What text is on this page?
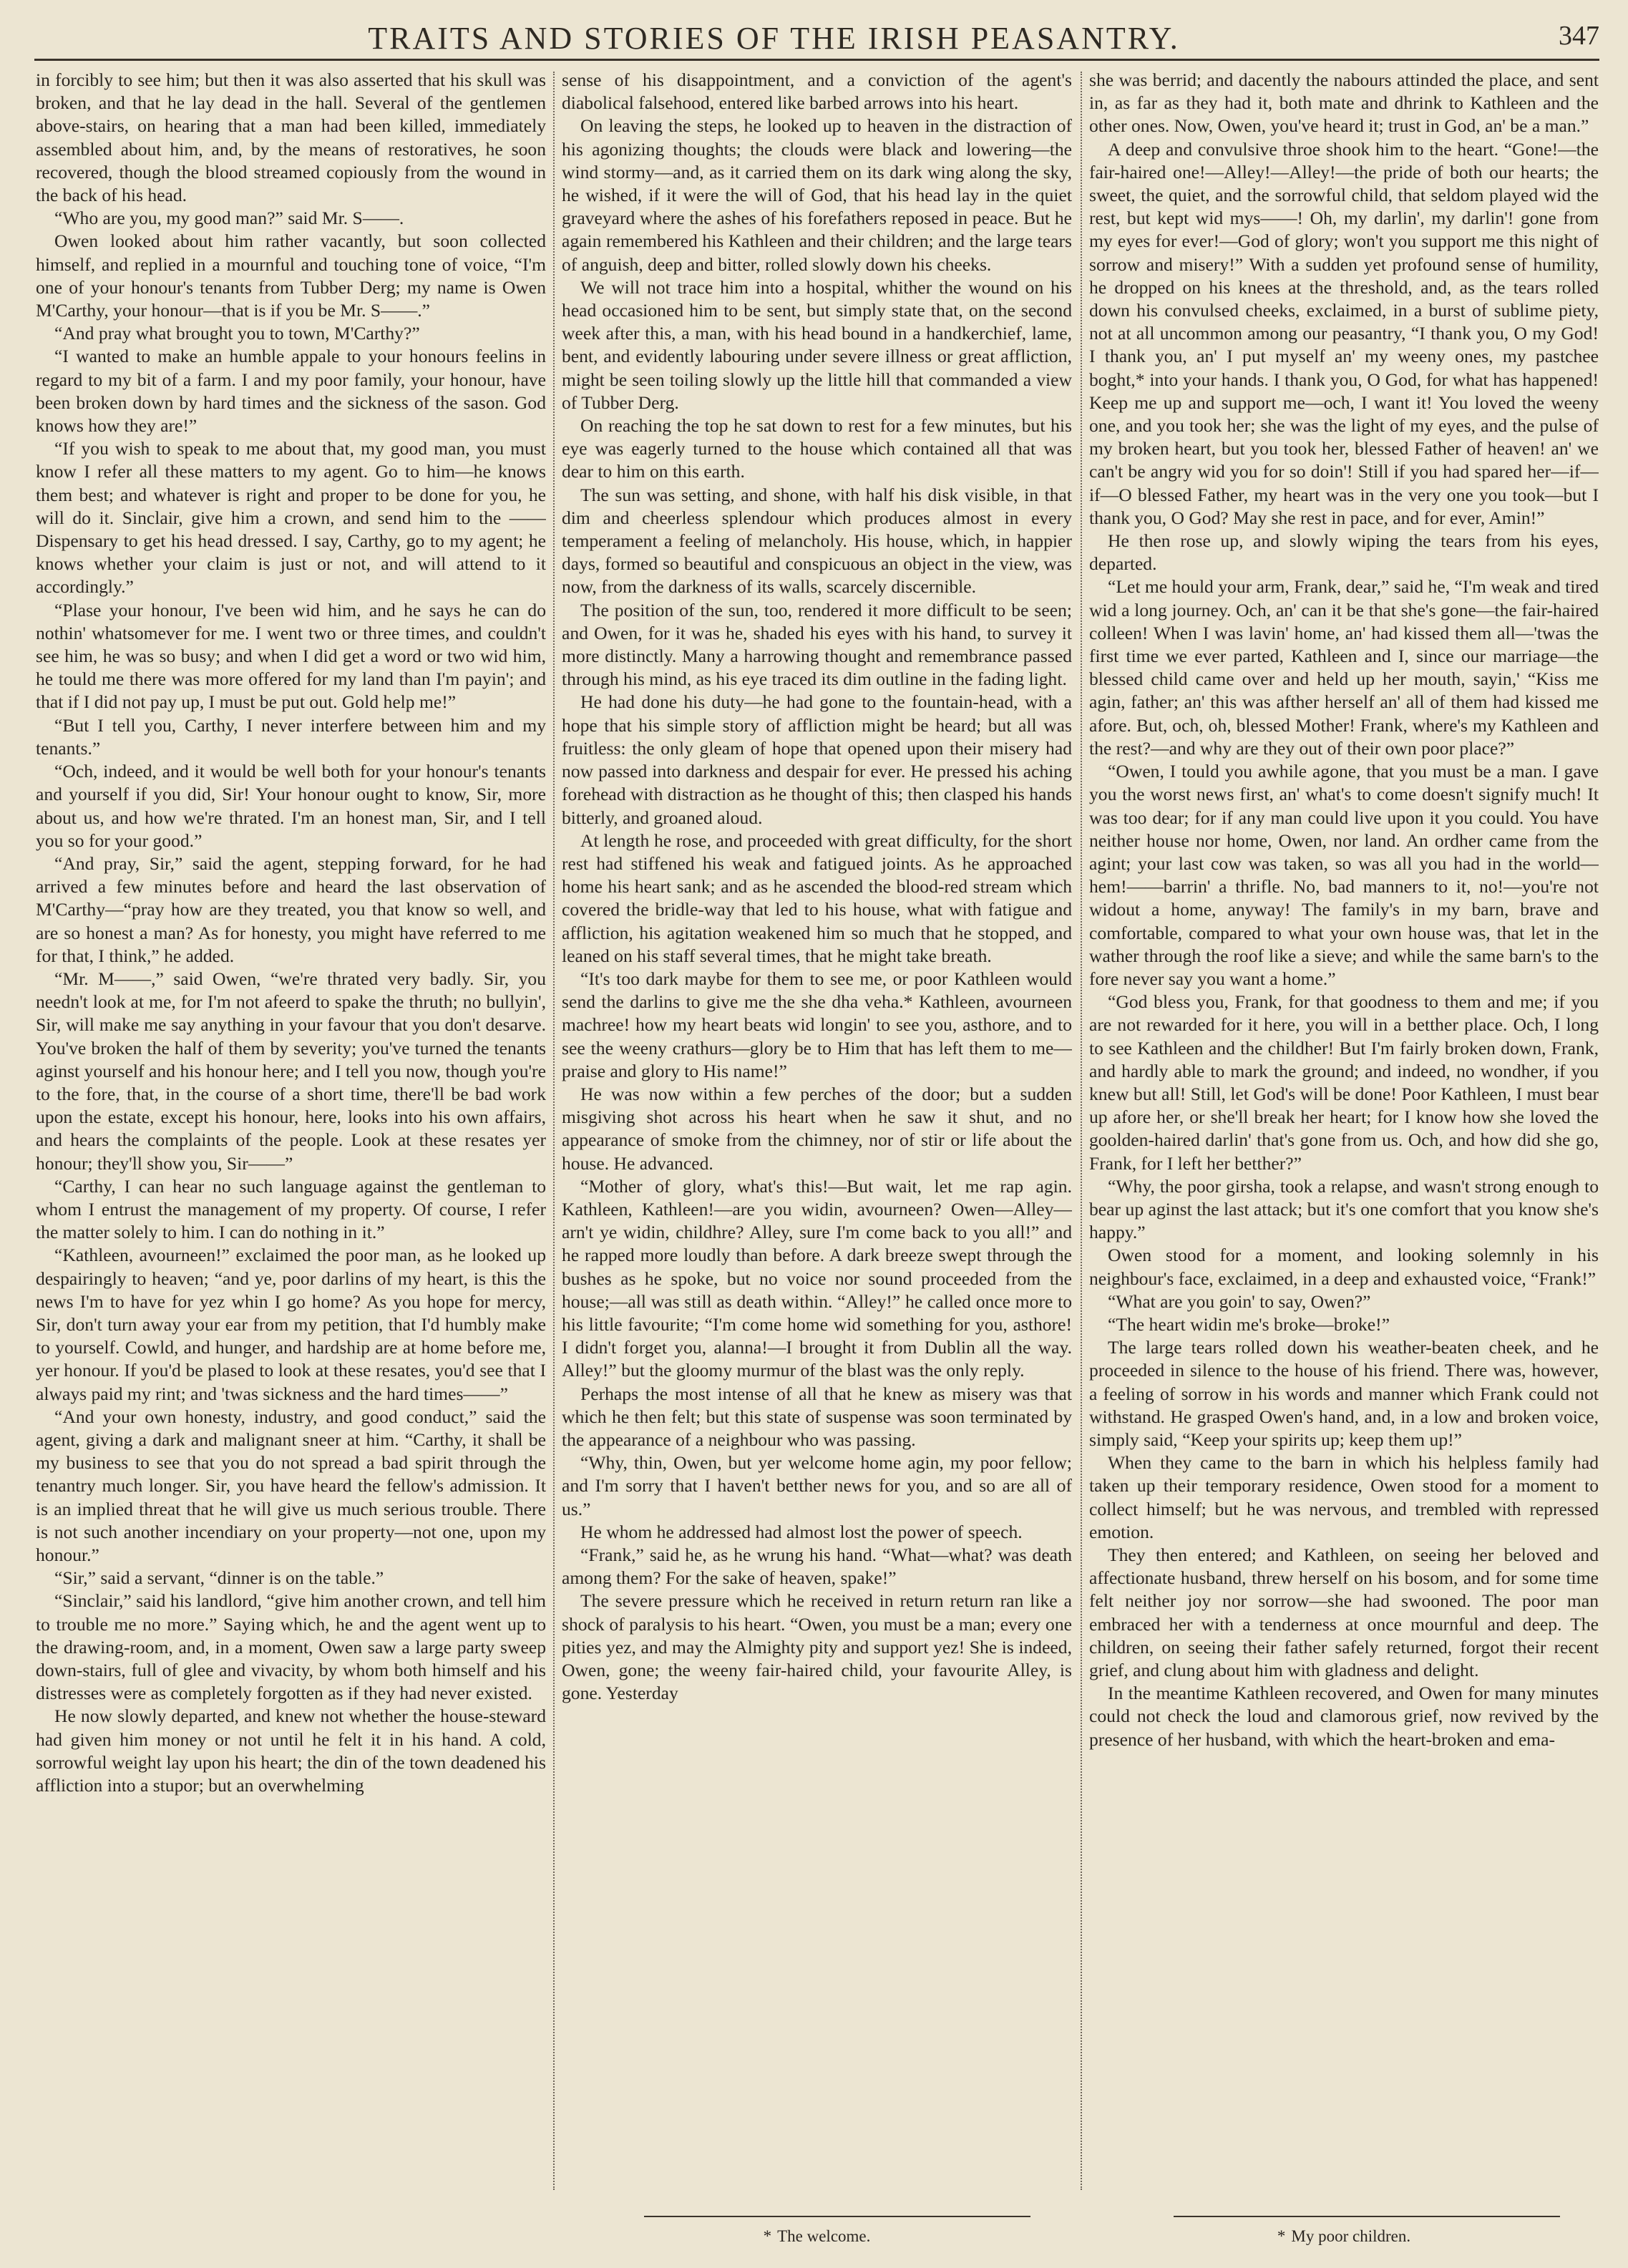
TRAITS AND STORIES OF THE IRISH PEASANTRY.	347

in forcibly to see him; but then it was also asserted that his skull was broken, and that he lay dead in the hall. Several of the gentlemen above-stairs, on hearing that a man had been killed, immediately assembled about him, and, by the means of restoratives, he soon recovered, though the blood streamed copiously from the wound in the back of his head.

“Who are you, my good man?” said Mr. S——.

Owen looked about him rather vacantly, but soon collected himself, and replied in a mournful and touching tone of voice, “I'm one of your honour's tenants from Tubber Derg; my name is Owen M'Carthy, your honour—that is if you be Mr. S——.”

“And pray what brought you to town, M'Carthy?”

“I wanted to make an humble appale to your honours feelins in regard to my bit of a farm. I and my poor family, your honour, have been broken down by hard times and the sickness of the sason. God knows how they are!”

“If you wish to speak to me about that, my good man, you must know I refer all these matters to my agent. Go to him—he knows them best; and whatever is right and proper to be done for you, he will do it. Sinclair, give him a crown, and send him to the —— Dispensary to get his head dressed. I say, Carthy, go to my agent; he knows whether your claim is just or not, and will attend to it accordingly.”

“Plase your honour, I've been wid him, and he says he can do nothin' whatsomever for me. I went two or three times, and couldn't see him, he was so busy; and when I did get a word or two wid him, he tould me there was more offered for my land than I'm payin'; and that if I did not pay up, I must be put out. Gold help me!”

“But I tell you, Carthy, I never interfere between him and my tenants.”

“Och, indeed, and it would be well both for your honour's tenants and yourself if you did, Sir! Your honour ought to know, Sir, more about us, and how we're thrated. I'm an honest man, Sir, and I tell you so for your good.”

“And pray, Sir,” said the agent, stepping forward, for he had arrived a few minutes before and heard the last observation of M'Carthy—“pray how are they treated, you that know so well, and are so honest a man? As for honesty, you might have referred to me for that, I think,” he added.

“Mr. M——,” said Owen, “we're thrated very badly. Sir, you needn't look at me, for I'm not afeerd to spake the thruth; no bullyin', Sir, will make me say anything in your favour that you don't desarve. You've broken the half of them by severity; you've turned the tenants aginst yourself and his honour here; and I tell you now, though you're to the fore, that, in the course of a short time, there'll be bad work upon the estate, except his honour, here, looks into his own affairs, and hears the complaints of the people. Look at these resates yer honour; they'll show you, Sir——”

“Carthy, I can hear no such language against the gentleman to whom I entrust the management of my property. Of course, I refer the matter solely to him. I can do nothing in it.”

“Kathleen, avourneen!” exclaimed the poor man, as he looked up despairingly to heaven; “and ye, poor darlins of my heart, is this the news I'm to have for yez whin I go home? As you hope for mercy, Sir, don't turn away your ear from my petition, that I'd humbly make to yourself. Cowld, and hunger, and hardship are at home before me, yer honour. If you'd be plased to look at these resates, you'd see that I always paid my rint; and 'twas sickness and the hard times——”

“And your own honesty, industry, and good conduct,” said the agent, giving a dark and malignant sneer at him. “Carthy, it shall be my business to see that you do not spread a bad spirit through the tenantry much longer. Sir, you have heard the fellow's admission. It is an implied threat that he will give us much serious trouble. There is not such another incendiary on your property—not one, upon my honour.”

“Sir,” said a servant, “dinner is on the table.”

“Sinclair,” said his landlord, “give him another crown, and tell him to trouble me no more.” Saying which, he and the agent went up to the drawing-room, and, in a moment, Owen saw a large party sweep down-stairs, full of glee and vivacity, by whom both himself and his distresses were as completely forgotten as if they had never existed.

He now slowly departed, and knew not whether the house-steward had given him money or not until he felt it in his hand. A cold, sorrowful weight lay upon his heart; the din of the town deadened his affliction into a stupor; but an overwhelming

sense of his disappointment, and a conviction of the agent's diabolical falsehood, entered like barbed arrows into his heart.

On leaving the steps, he looked up to heaven in the distraction of his agonizing thoughts; the clouds were black and lowering—the wind stormy—and, as it carried them on its dark wing along the sky, he wished, if it were the will of God, that his head lay in the quiet graveyard where the ashes of his forefathers reposed in peace. But he again remembered his Kathleen and their children; and the large tears of anguish, deep and bitter, rolled slowly down his cheeks.

We will not trace him into a hospital, whither the wound on his head occasioned him to be sent, but simply state that, on the second week after this, a man, with his head bound in a handkerchief, lame, bent, and evidently labouring under severe illness or great affliction, might be seen toiling slowly up the little hill that commanded a view of Tubber Derg.

On reaching the top he sat down to rest for a few minutes, but his eye was eagerly turned to the house which contained all that was dear to him on this earth.

The sun was setting, and shone, with half his disk visible, in that dim and cheerless splendour which produces almost in every temperament a feeling of melancholy. His house, which, in happier days, formed so beautiful and conspicuous an object in the view, was now, from the darkness of its walls, scarcely discernible.

The position of the sun, too, rendered it more difficult to be seen; and Owen, for it was he, shaded his eyes with his hand, to survey it more distinctly. Many a harrowing thought and remembrance passed through his mind, as his eye traced its dim outline in the fading light.

He had done his duty—he had gone to the fountain-head, with a hope that his simple story of affliction might be heard; but all was fruitless: the only gleam of hope that opened upon their misery had now passed into darkness and despair for ever. He pressed his aching forehead with distraction as he thought of this; then clasped his hands bitterly, and groaned aloud.

At length he rose, and proceeded with great difficulty, for the short rest had stiffened his weak and fatigued joints. As he approached home his heart sank; and as he ascended the blood-red stream which covered the bridle-way that led to his house, what with fatigue and affliction, his agitation weakened him so much that he stopped, and leaned on his staff several times, that he might take breath.

“It's too dark maybe for them to see me, or poor Kathleen would send the darlins to give me the she dha veha.* Kathleen, avourneen machree! how my heart beats wid longin' to see you, asthore, and to see the weeny crathurs—glory be to Him that has left them to me—praise and glory to His name!”

He was now within a few perches of the door; but a sudden misgiving shot across his heart when he saw it shut, and no appearance of smoke from the chimney, nor of stir or life about the house. He advanced.

“Mother of glory, what's this!—But wait, let me rap agin. Kathleen, Kathleen!—are you widin, avourneen? Owen—Alley—arn't ye widin, childhre? Alley, sure I'm come back to you all!” and he rapped more loudly than before. A dark breeze swept through the bushes as he spoke, but no voice nor sound proceeded from the house;—all was still as death within. “Alley!” he called once more to his little favourite; “I'm come home wid something for you, asthore! I didn't forget you, alanna!—I brought it from Dublin all the way. Alley!” but the gloomy murmur of the blast was the only reply.

Perhaps the most intense of all that he knew as misery was that which he then felt; but this state of suspense was soon terminated by the appearance of a neighbour who was passing.

“Why, thin, Owen, but yer welcome home agin, my poor fellow; and I'm sorry that I haven't betther news for you, and so are all of us.”

He whom he addressed had almost lost the power of speech.

“Frank,” said he, as he wrung his hand. “What—what? was death among them? For the sake of heaven, spake!”

The severe pressure which he received in return return ran like a shock of paralysis to his heart. “Owen, you must be a man; every one pities yez, and may the Almighty pity and support yez! She is indeed, Owen, gone; the weeny fair-haired child, your favourite Alley, is gone. Yesterday

she was berrid; and dacently the nabours attinded the place, and sent in, as far as they had it, both mate and dhrink to Kathleen and the other ones. Now, Owen, you've heard it; trust in God, an' be a man.”

A deep and convulsive throe shook him to the heart. “Gone!—the fair-haired one!—Alley!—Alley!—the pride of both our hearts; the sweet, the quiet, and the sorrowful child, that seldom played wid the rest, but kept wid mys——! Oh, my darlin', my darlin'! gone from my eyes for ever!—God of glory; won't you support me this night of sorrow and misery!” With a sudden yet profound sense of humility, he dropped on his knees at the threshold, and, as the tears rolled down his convulsed cheeks, exclaimed, in a burst of sublime piety, not at all uncommon among our peasantry, “I thank you, O my God! I thank you, an' I put myself an' my weeny ones, my pastchee boght,* into your hands. I thank you, O God, for what has happened! Keep me up and support me—och, I want it! You loved the weeny one, and you took her; she was the light of my eyes, and the pulse of my broken heart, but you took her, blessed Father of heaven! an' we can't be angry wid you for so doin'! Still if you had spared her—if—if—O blessed Father, my heart was in the very one you took—but I thank you, O God? May she rest in pace, and for ever, Amin!”

He then rose up, and slowly wiping the tears from his eyes, departed.

“Let me hould your arm, Frank, dear,” said he, “I'm weak and tired wid a long journey. Och, an' can it be that she's gone—the fair-haired colleen! When I was lavin' home, an' had kissed them all—'twas the first time we ever parted, Kathleen and I, since our marriage—the blessed child came over and held up her mouth, sayin,' “Kiss me agin, father; an' this was afther herself an' all of them had kissed me afore. But, och, oh, blessed Mother! Frank, where's my Kathleen and the rest?—and why are they out of their own poor place?”

“Owen, I tould you awhile agone, that you must be a man. I gave you the worst news first, an' what's to come doesn't signify much! It was too dear; for if any man could live upon it you could. You have neither house nor home, Owen, nor land. An ordher came from the agint; your last cow was taken, so was all you had in the world—hem!——barrin' a thrifle. No, bad manners to it, no!—you're not widout a home, anyway! The family's in my barn, brave and comfortable, compared to what your own house was, that let in the wather through the roof like a sieve; and while the same barn's to the fore never say you want a home.”

“God bless you, Frank, for that goodness to them and me; if you are not rewarded for it here, you will in a betther place. Och, I long to see Kathleen and the childher! But I'm fairly broken down, Frank, and hardly able to mark the ground; and indeed, no wondher, if you knew but all! Still, let God's will be done! Poor Kathleen, I must bear up afore her, or she'll break her heart; for I know how she loved the goolden-haired darlin' that's gone from us. Och, and how did she go, Frank, for I left her betther?”

“Why, the poor girsha, took a relapse, and wasn't strong enough to bear up aginst the last attack; but it's one comfort that you know she's happy.”

Owen stood for a moment, and looking solemnly in his neighbour's face, exclaimed, in a deep and exhausted voice, “Frank!”

“What are you goin' to say, Owen?”

“The heart widin me's broke—broke!”

The large tears rolled down his weather-beaten cheek, and he proceeded in silence to the house of his friend. There was, however, a feeling of sorrow in his words and manner which Frank could not withstand. He grasped Owen's hand, and, in a low and broken voice, simply said, “Keep your spirits up; keep them up!”

When they came to the barn in which his helpless family had taken up their temporary residence, Owen stood for a moment to collect himself; but he was nervous, and trembled with repressed emotion.

They then entered; and Kathleen, on seeing her beloved and affectionate husband, threw herself on his bosom, and for some time felt neither joy nor sorrow—she had swooned. The poor man embraced her with a tenderness at once mournful and deep. The children, on seeing their father safely returned, forgot their recent grief, and clung about him with gladness and delight.

In the meantime Kathleen recovered, and Owen for many minutes could not check the loud and clamorous grief, now revived by the presence of her husband, with which the heart-broken and ema-

* The welcome.	* My poor children.
